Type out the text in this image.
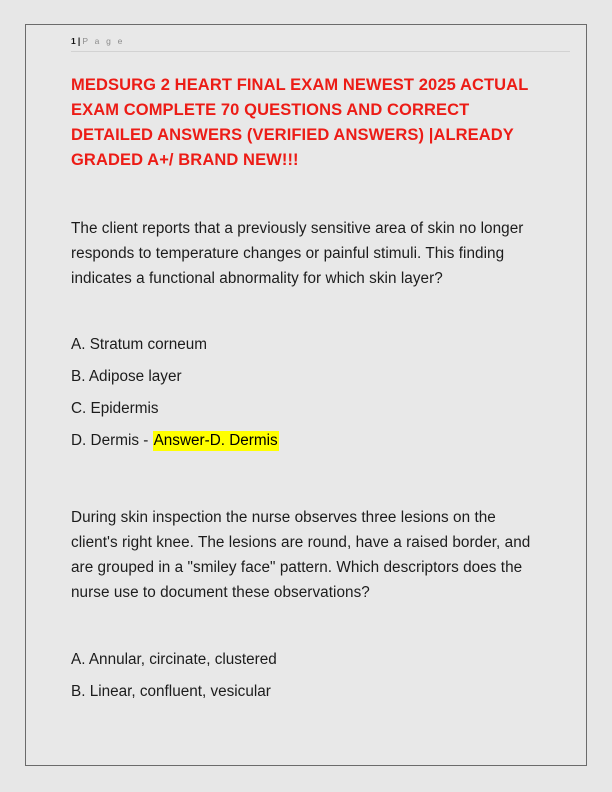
1 | P a g e
MEDSURG 2 HEART FINAL EXAM NEWEST 2025 ACTUAL EXAM COMPLETE 70 QUESTIONS AND CORRECT DETAILED ANSWERS (VERIFIED ANSWERS) |ALREADY GRADED A+/ BRAND NEW!!!
The client reports that a previously sensitive area of skin no longer responds to temperature changes or painful stimuli. This finding indicates a functional abnormality for which skin layer?
A. Stratum corneum
B. Adipose layer
C. Epidermis
D. Dermis - Answer-D. Dermis
During skin inspection the nurse observes three lesions on the client's right knee. The lesions are round, have a raised border, and are grouped in a "smiley face" pattern. Which descriptors does the nurse use to document these observations?
A. Annular, circinate, clustered
B. Linear, confluent, vesicular
